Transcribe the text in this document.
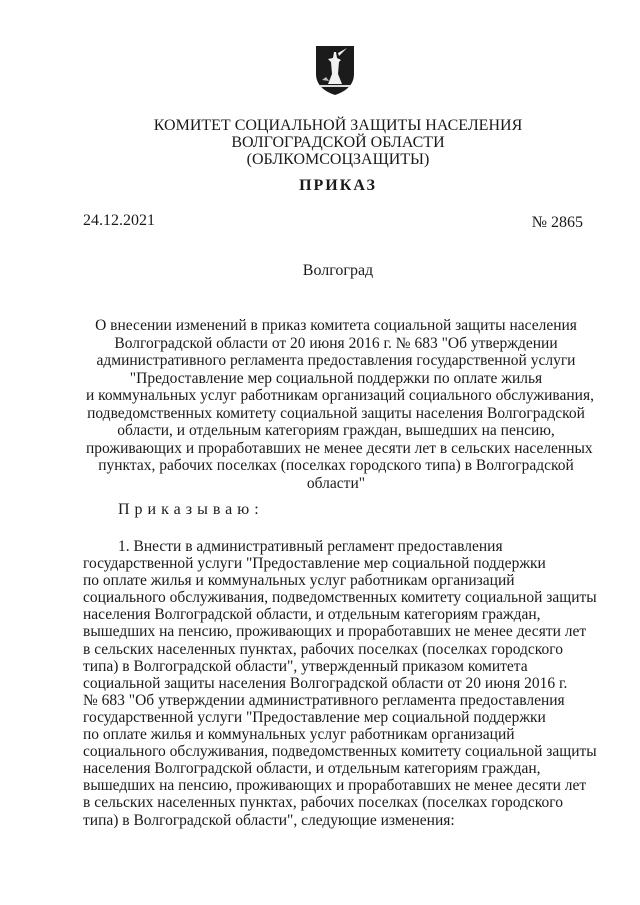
КОМИТЕТ СОЦИАЛЬНОЙ ЗАЩИТЫ НАСЕЛЕНИЯ
ВОЛГОГРАДСКОЙ ОБЛАСТИ
(ОБЛКОМСОЦЗАЩИТЫ)
ПРИКАЗ
24.12.2021	№ 2865
Волгоград
О внесении изменений в приказ комитета социальной защиты населения
Волгоградской области от 20 июня 2016 г. № 683 "Об утверждении
административного регламента предоставления государственной услуги
"Предоставление мер социальной поддержки по оплате жилья
и коммунальных услуг работникам организаций социального обслуживания,
подведомственных комитету социальной защиты населения Волгоградской
области, и отдельным категориям граждан, вышедших на пенсию,
проживающих и проработавших не менее десяти лет в сельских населенных
пунктах, рабочих поселках (поселках городского типа) в Волгоградской
области"
Приказываю:
1. Внести в административный регламент предоставления
государственной услуги "Предоставление мер социальной поддержки
по оплате жилья и коммунальных услуг работникам организаций
социального обслуживания, подведомственных комитету социальной защиты
населения Волгоградской области, и отдельным категориям граждан,
вышедших на пенсию, проживающих и проработавших не менее десяти лет
в сельских населенных пунктах, рабочих поселках (поселках городского
типа) в Волгоградской области", утвержденный приказом комитета
социальной защиты населения Волгоградской области от 20 июня 2016 г.
№ 683 "Об утверждении административного регламента предоставления
государственной услуги "Предоставление мер социальной поддержки
по оплате жилья и коммунальных услуг работникам организаций
социального обслуживания, подведомственных комитету социальной защиты
населения Волгоградской области, и отдельным категориям граждан,
вышедших на пенсию, проживающих и проработавших не менее десяти лет
в сельских населенных пунктах, рабочих поселках (поселках городского
типа) в Волгоградской области", следующие изменения:
